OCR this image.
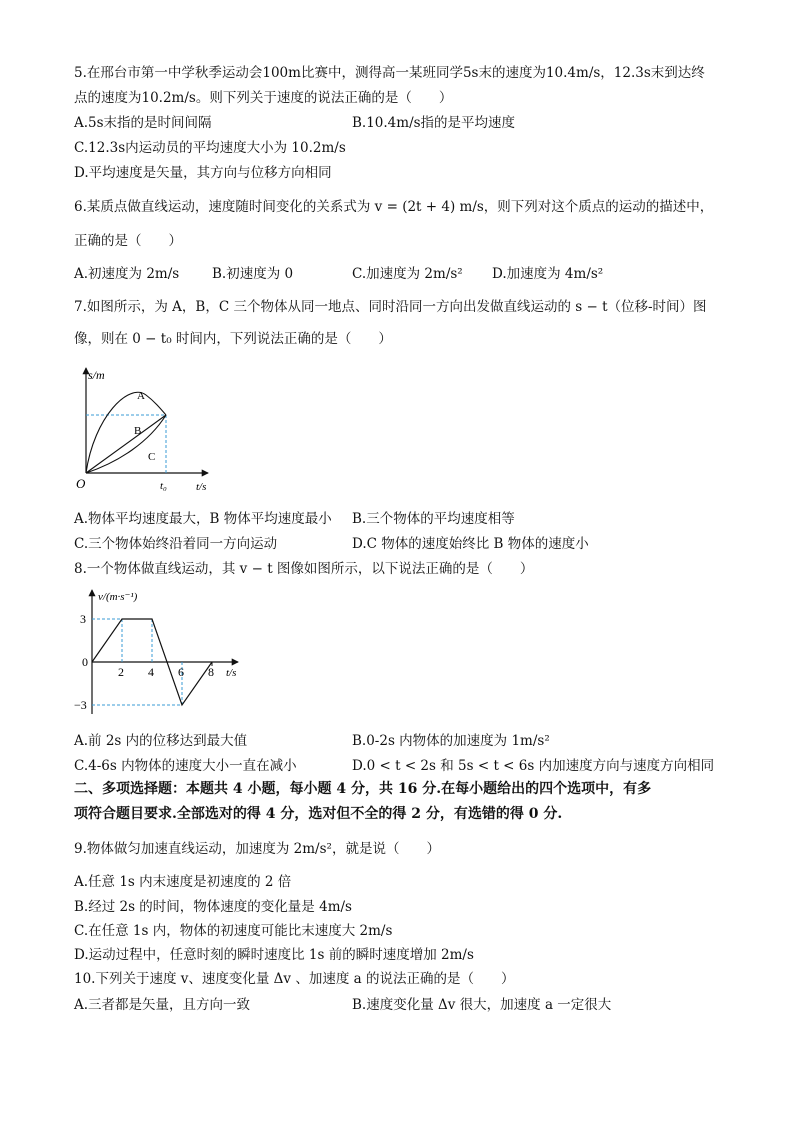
5.在邢台市第一中学秋季运动会100m比赛中，测得高一某班同学5s末的速度为10.4m/s，12.3s末到达终
点的速度为10.2m/s。则下列关于速度的说法正确的是（　　）
A.5s末指的是时间间隔	B.10.4m/s指的是平均速度
C.12.3s内运动员的平均速度大小为 10.2m/s
D.平均速度是矢量，其方向与位移方向相同
6.某质点做直线运动，速度随时间变化的关系式为 v = (2t + 4) m/s，则下列对这个质点的运动的描述中，
正确的是（　　）
A.初速度为 2m/s B.初速度为 0	C.加速度为 2m/s² D.加速度为 4m/s²
7.如图所示，为 A，B，C 三个物体从同一地点、同时沿同一方向出发做直线运动的 s − t（位移-时间）图
像，则在 0 − t₀ 时间内，下列说法正确的是（　　）
s/m
A
B
C
O	t₀	t/s
A.物体平均速度最大，B 物体平均速度最小 B.三个物体的平均速度相等
C.三个物体始终沿着同一方向运动	D.C 物体的速度始终比 B 物体的速度小
8.一个物体做直线运动，其 v − t 图像如图所示，以下说法正确的是（　　）
v/(m·s⁻¹)
3
−3
0
2 4 6 8 t/s
A.前 2s 内的位移达到最大值	B.0-2s 内物体的加速度为 1m/s²
C.4-6s 内物体的速度大小一直在减小	D.0 < t < 2s 和 5s < t < 6s 内加速度方向与速度方向相同
二、多项选择题：本题共 4 小题，每小题 4 分，共 16 分.在每小题给出的四个选项中，有多
项符合题目要求.全部选对的得 4 分，选对但不全的得 2 分，有选错的得 0 分.
9.物体做匀加速直线运动，加速度为 2m/s²，就是说（　　）
A.任意 1s 内末速度是初速度的 2 倍
B.经过 2s 的时间，物体速度的变化量是 4m/s
C.在任意 1s 内，物体的初速度可能比末速度大 2m/s
D.运动过程中，任意时刻的瞬时速度比 1s 前的瞬时速度增加 2m/s
10.下列关于速度 v、速度变化量 Δv 、加速度 a 的说法正确的是（　　）
A.三者都是矢量，且方向一致	B.速度变化量 Δv 很大，加速度 a 一定很大
